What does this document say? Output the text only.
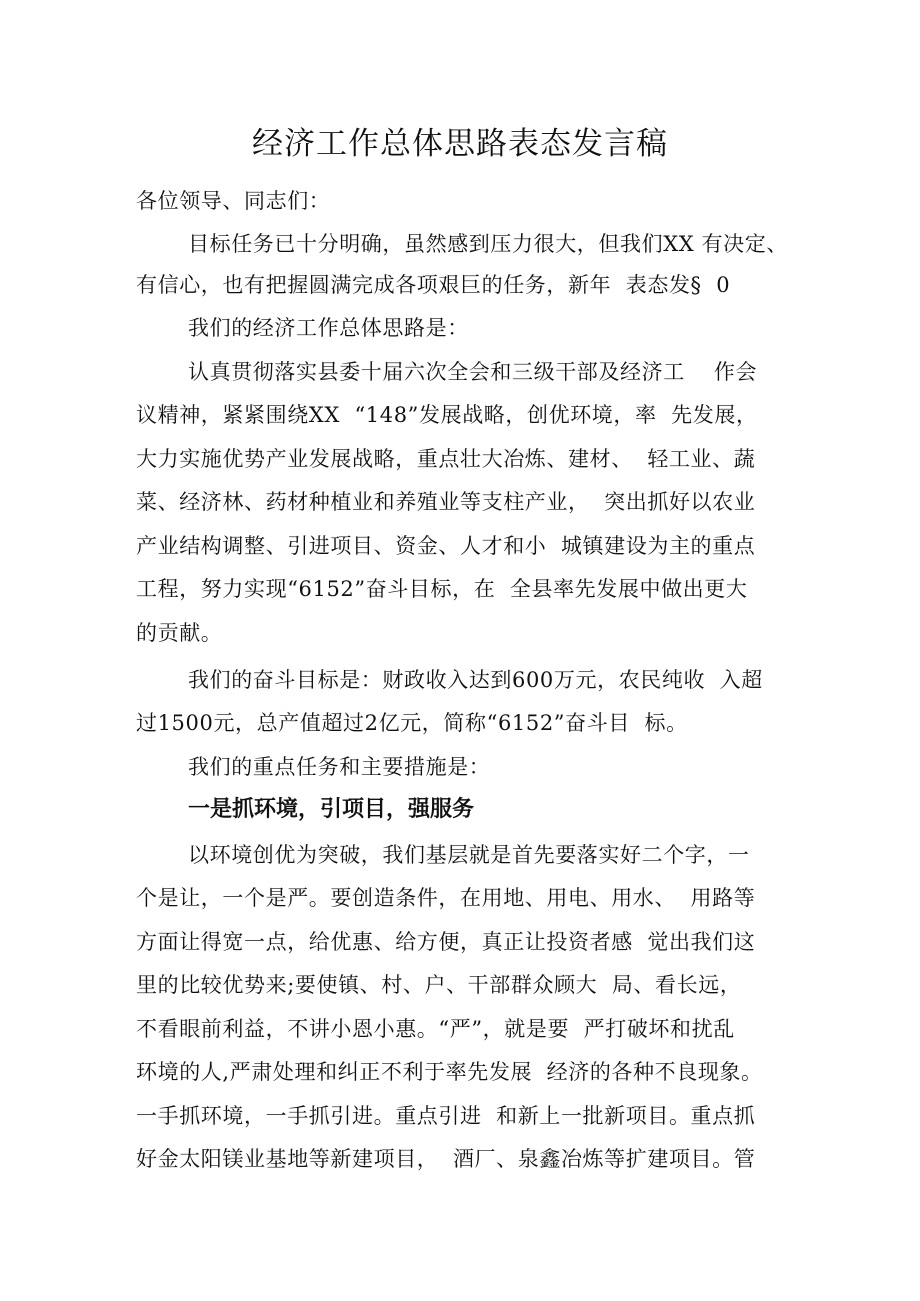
经济工作总体思路表态发言稿

各位领导、同志们：

目标任务已十分明确，虽然感到压力很大，但我们XX 有决定、

有信心，也有把握圆满完成各项艰巨的任务，新年  表态发§  0

我们的经济工作总体思路是：

认真贯彻落实县委十届六次全会和三级干部及经济工    作会

议精神，紧紧围绕XX  “148”发展战略，创优环境，率  先发展，

大力实施优势产业发展战略，重点壮大冶炼、建材、  轻工业、蔬

菜、经济林、药材种植业和养殖业等支柱产业，  突出抓好以农业

产业结构调整、引进项目、资金、人才和小  城镇建设为主的重点

工程，努力实现“6152”奋斗目标，在  全县率先发展中做出更大

的贡献。

我们的奋斗目标是：财政收入达到600万元，农民纯收  入超

过1500元，总产值超过2亿元，简称“6152”奋斗目  标。

我们的重点任务和主要措施是：

一是抓环境，引项目，强服务

以环境创优为突破，我们基层就是首先要落实好二个字，一

个是让，一个是严。要创造条件，在用地、用电、用水、  用路等

方面让得宽一点，给优惠、给方便，真正让投资者感  觉出我们这

里的比较优势来;要使镇、村、户、干部群众顾大  局、看长远，

不看眼前利益，不讲小恩小惠。“严”，就是要  严打破坏和扰乱

环境的人,严肃处理和纠正不利于率先发展  经济的各种不良现象。

一手抓环境，一手抓引进。重点引进  和新上一批新项目。重点抓

好金太阳镁业基地等新建项目，  酒厂、泉鑫冶炼等扩建项目。管
